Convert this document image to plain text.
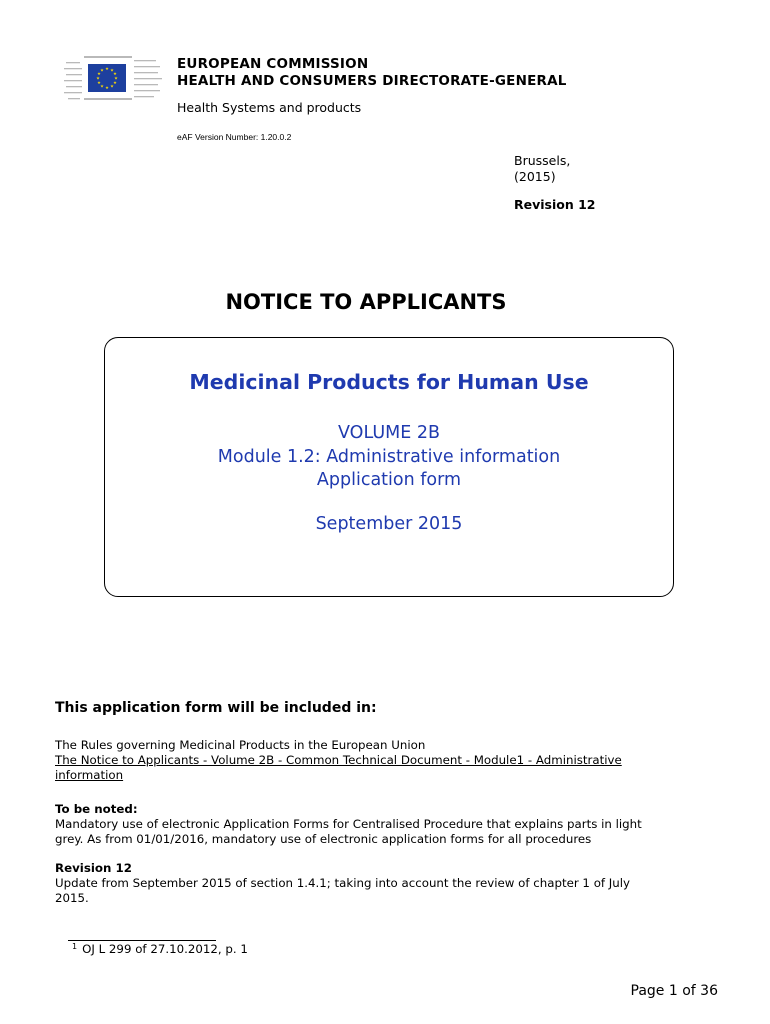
★ ★
★
★
★
★
★
★
★
★
★
★	EUROPEAN COMMISSION
HEALTH AND CONSUMERS DIRECTORATE-GENERAL
Health Systems and products
eAF Version Number: 1.20.0.2
Brussels,
(2015)
Revision 12
NOTICE TO APPLICANTS
Medicinal Products for Human Use
VOLUME 2B
Module 1.2: Administrative information
Application form
September 2015
This application form will be included in:
The Rules governing Medicinal Products in the European Union
The Notice to Applicants - Volume 2B - Common Technical Document - Module1 - Administrative
information
To be noted:
Mandatory use of electronic Application Forms for Centralised Procedure that explains parts in light
grey. As from 01/01/2016, mandatory use of electronic application forms for all procedures
Revision 12
Update from September 2015 of section 1.4.1; taking into account the review of chapter 1 of July
2015.
$^1$ OJ L 299 of 27.10.2012, p. 1
Page 1 of 36
